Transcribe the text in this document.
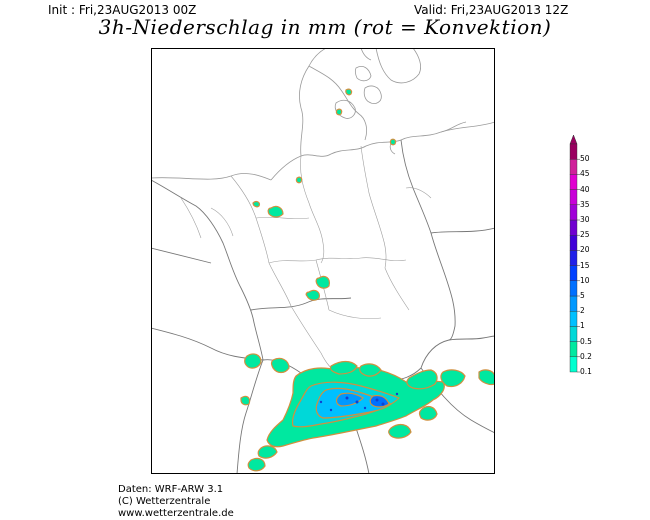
Init : Fri,23AUG2013 00Z	Valid: Fri,23AUG2013 12Z
3h-Niederschlag in mm (rot = Konvektion)
0.1
0.2
0.5
1
2
5
10
15
20
25
30
35
40
45
50
Daten: WRF-ARW 3.1
(C) Wetterzentrale
www.wetterzentrale.de
